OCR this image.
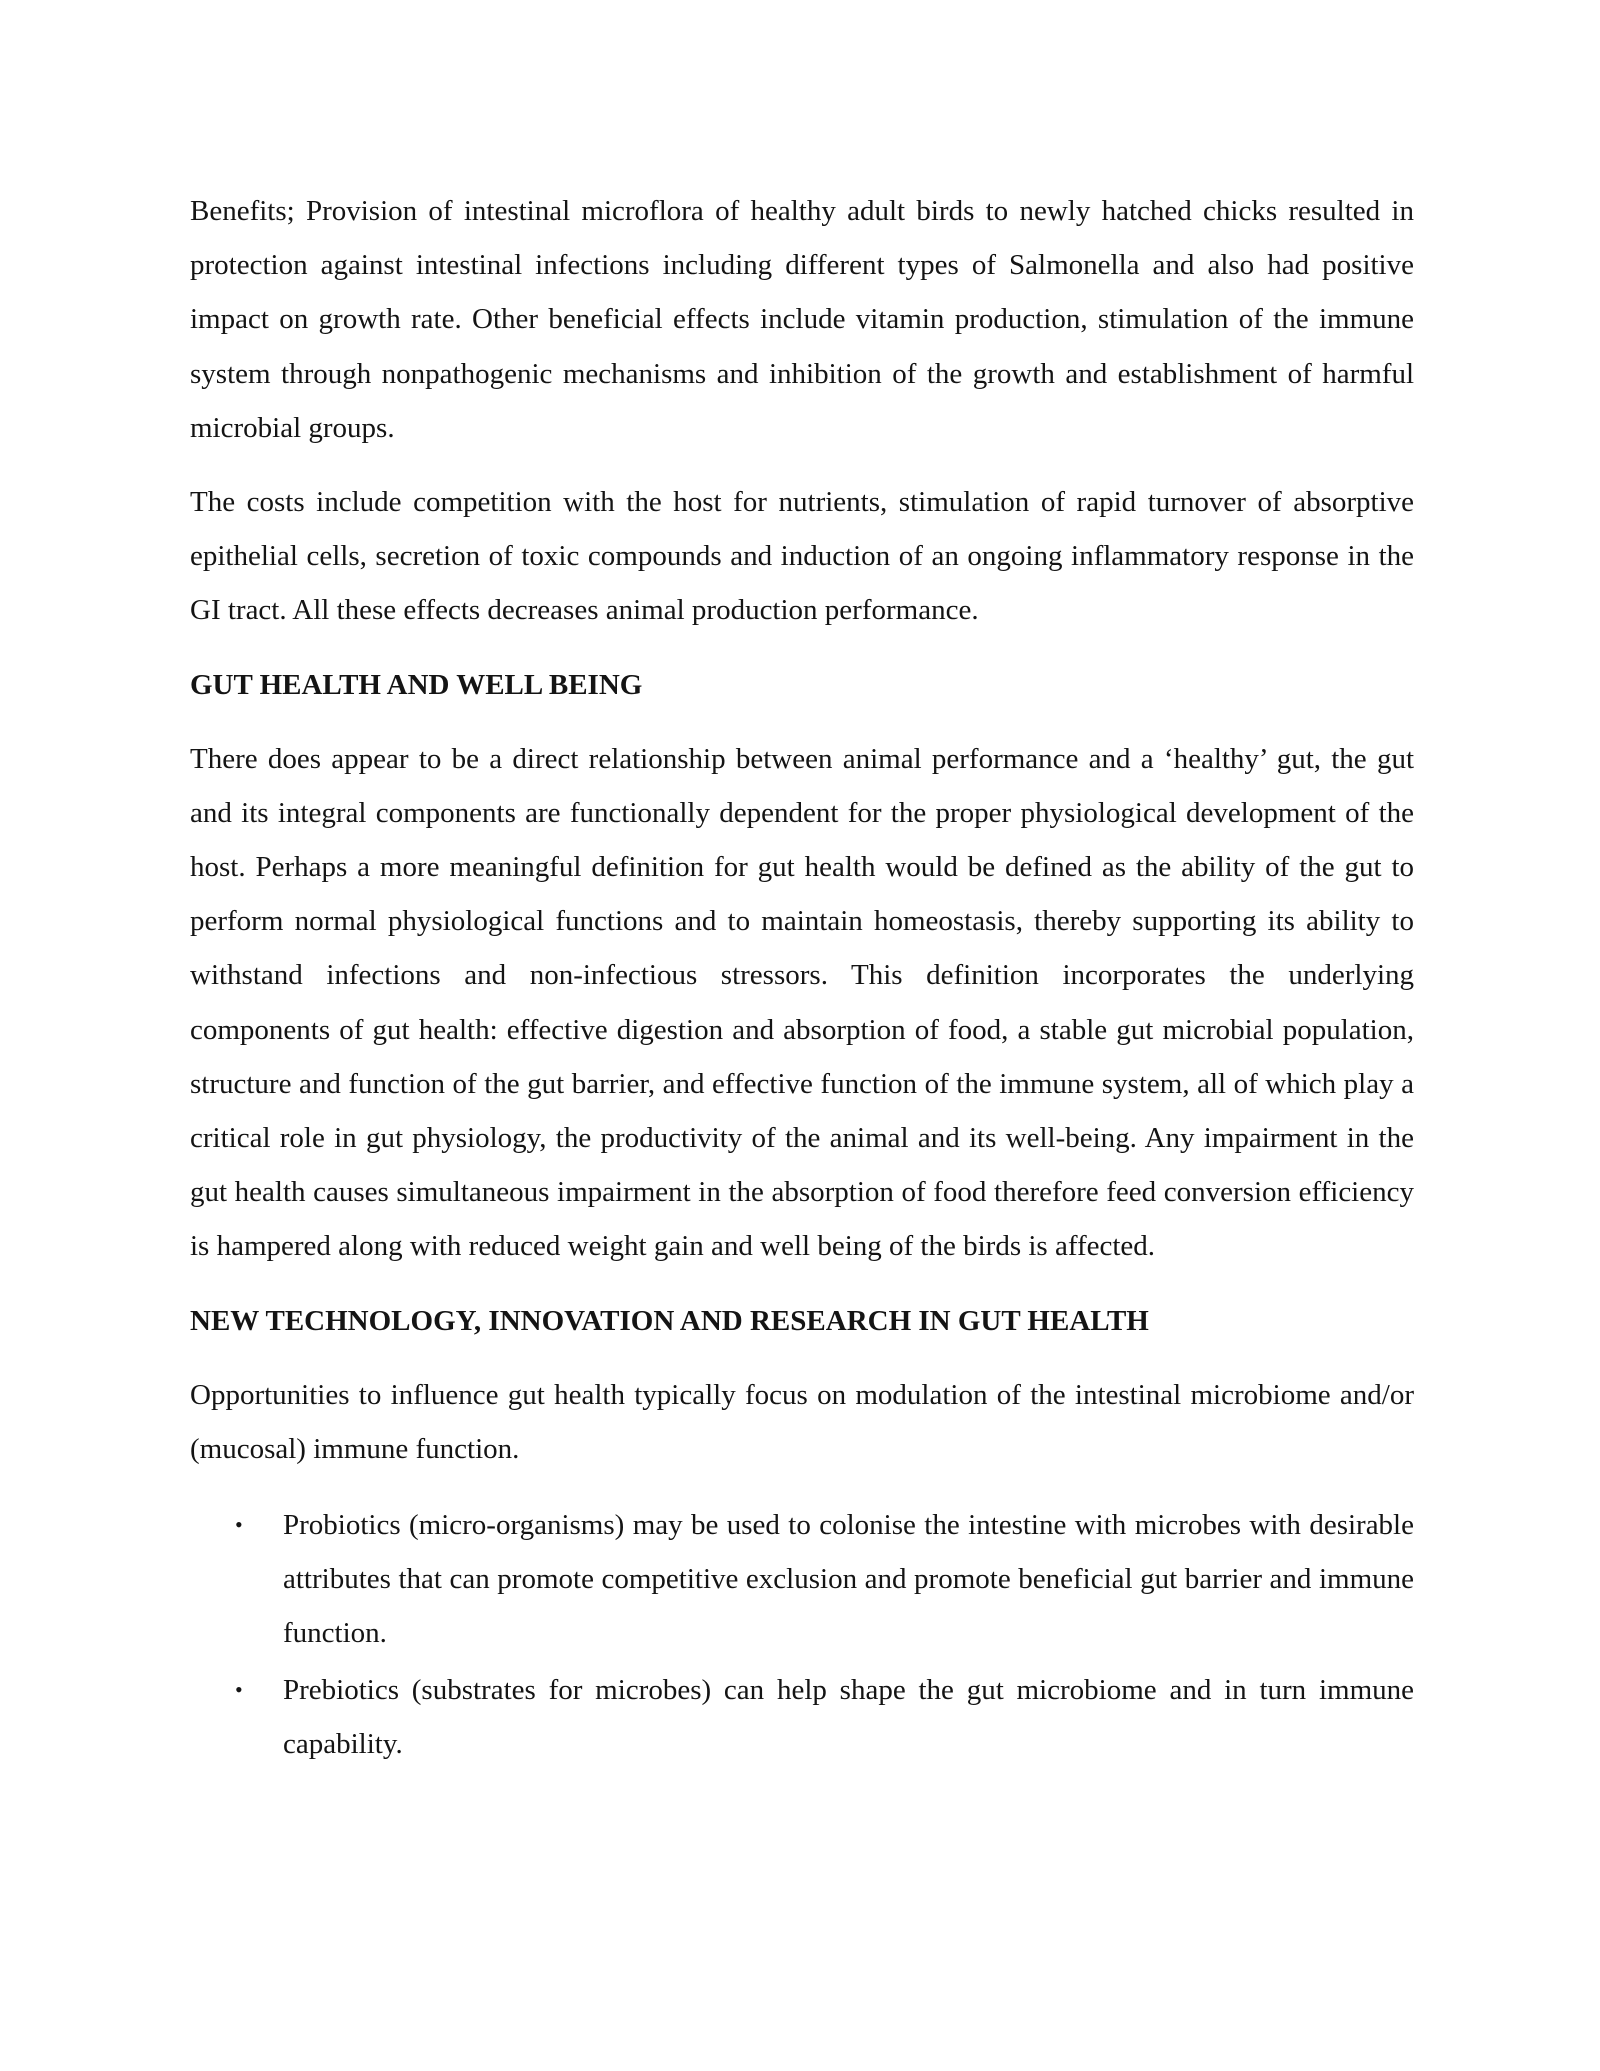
Benefits; Provision of intestinal microflora of healthy adult birds to newly hatched chicks resulted in protection against intestinal infections including different types of Salmonella and also had positive impact on growth rate. Other beneficial effects include vitamin production, stimulation of the immune system through nonpathogenic mechanisms and inhibition of the growth and establishment of harmful microbial groups.

The costs include competition with the host for nutrients, stimulation of rapid turnover of absorptive epithelial cells, secretion of toxic compounds and induction of an ongoing inflammatory response in the GI tract. All these effects decreases animal production performance.

GUT HEALTH AND WELL BEING

There does appear to be a direct relationship between animal performance and a ‘healthy’ gut, the gut and its integral components are functionally dependent for the proper physiological development of the host. Perhaps a more meaningful definition for gut health would be defined as the ability of the gut to perform normal physiological functions and to maintain homeostasis, thereby supporting its ability to withstand infections and non-infectious stressors. This definition incorporates the underlying components of gut health: effective digestion and absorption of food, a stable gut microbial population, structure and function of the gut barrier, and effective function of the immune system, all of which play a critical role in gut physiology, the productivity of the animal and its well-being. Any impairment in the gut health causes simultaneous impairment in the absorption of food therefore feed conversion efficiency is hampered along with reduced weight gain and well being of the birds is affected.

NEW TECHNOLOGY, INNOVATION AND RESEARCH IN GUT HEALTH

Opportunities to influence gut health typically focus on modulation of the intestinal microbiome and/or (mucosal) immune function.

• Probiotics (micro-organisms) may be used to colonise the intestine with microbes with desirable attributes that can promote competitive exclusion and promote beneficial gut barrier and immune function.
• Prebiotics (substrates for microbes) can help shape the gut microbiome and in turn immune capability.
